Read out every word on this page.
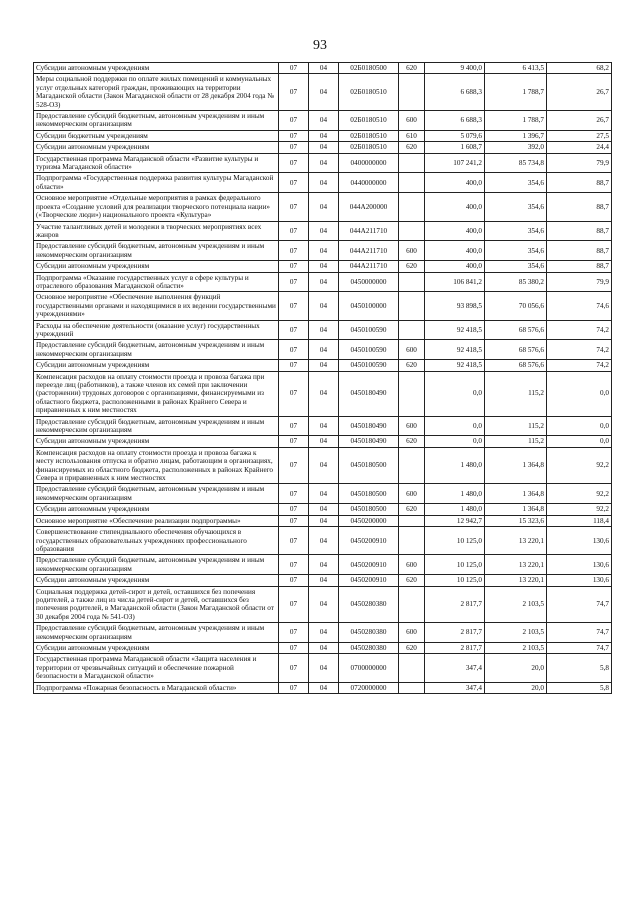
93
Субсидии автономным учреждениям	07	04	02Б0180500	620	9 400,0	6 413,5	68,2
Меры социальной поддержки по оплате жилых помещений и коммунальных услуг отдельных категорий граждан, проживающих на территории Магаданской области (Закон Магаданской области от 28 декабря 2004 года № 528-ОЗ)	07	04	02Б0180510		6 688,3	1 788,7	26,7
Предоставление субсидий бюджетным, автономным учреждениям и иным некоммерческим организациям	07	04	02Б0180510	600	6 688,3	1 788,7	26,7
Субсидии бюджетным учреждениям	07	04	02Б0180510	610	5 079,6	1 396,7	27,5
Субсидии автономным учреждениям	07	04	02Б0180510	620	1 608,7	392,0	24,4
Государственная программа Магаданской области «Развитие культуры и туризма Магаданской области»	07	04	0400000000		107 241,2	85 734,8	79,9
Подпрограмма «Государственная поддержка развития культуры Магаданской области»	07	04	0440000000		400,0	354,6	88,7
Основное мероприятие «Отдельные мероприятия в рамках федерального проекта «Создание условий для реализации творческого потенциала нации» («Творческие люди») национального проекта «Культура»	07	04	044A200000		400,0	354,6	88,7
Участие талантливых детей и молодежи в творческих мероприятиях всех жанров	07	04	044A211710		400,0	354,6	88,7
Предоставление субсидий бюджетным, автономным учреждениям и иным некоммерческим организациям	07	04	044A211710	600	400,0	354,6	88,7
Субсидии автономным учреждениям	07	04	044A211710	620	400,0	354,6	88,7
Подпрограмма «Оказание государственных услуг в сфере культуры и отраслевого образования Магаданской области»	07	04	0450000000		106 841,2	85 380,2	79,9
Основное мероприятие «Обеспечение выполнения функций государственными органами и находящимися в их ведении государственными учреждениями»	07	04	0450100000		93 898,5	70 056,6	74,6
Расходы на обеспечение деятельности (оказание услуг) государственных учреждений	07	04	0450100590		92 418,5	68 576,6	74,2
Предоставление субсидий бюджетным, автономным учреждениям и иным некоммерческим организациям	07	04	0450100590	600	92 418,5	68 576,6	74,2
Субсидии автономным учреждениям	07	04	0450100590	620	92 418,5	68 576,6	74,2
Компенсация расходов на оплату стоимости проезда и провоза багажа при переезде лиц (работников), а также членов их семей при заключении (расторжении) трудовых договоров с организациями, финансируемыми из областного бюджета, расположенными в районах Крайнего Севера и приравненных к ним местностях	07	04	0450180490		0,0	115,2	0,0
Предоставление субсидий бюджетным, автономным учреждениям и иным некоммерческим организациям	07	04	0450180490	600	0,0	115,2	0,0
Субсидии автономным учреждениям	07	04	0450180490	620	0,0	115,2	0,0
Компенсация расходов на оплату стоимости проезда и провоза багажа к месту использования отпуска и обратно лицам, работающим в организациях, финансируемых из областного бюджета, расположенных в районах Крайнего Севера и приравненных к ним местностях	07	04	0450180500		1 480,0	1 364,8	92,2
Предоставление субсидий бюджетным, автономным учреждениям и иным некоммерческим организациям	07	04	0450180500	600	1 480,0	1 364,8	92,2
Субсидии автономным учреждениям	07	04	0450180500	620	1 480,0	1 364,8	92,2
Основное мероприятие «Обеспечение реализации подпрограммы»	07	04	0450200000		12 942,7	15 323,6	118,4
Совершенствование стипендиального обеспечения обучающихся в государственных образовательных учреждениях профессионального образования	07	04	0450200910		10 125,0	13 220,1	130,6
Предоставление субсидий бюджетным, автономным учреждениям и иным некоммерческим организациям	07	04	0450200910	600	10 125,0	13 220,1	130,6
Субсидии автономным учреждениям	07	04	0450200910	620	10 125,0	13 220,1	130,6
Социальная поддержка детей-сирот и детей, оставшихся без попечения родителей, а также лиц из числа детей-сирот и детей, оставшихся без попечения родителей, в Магаданской области (Закон Магаданской области от 30 декабря 2004 года № 541-ОЗ)	07	04	0450280380		2 817,7	2 103,5	74,7
Предоставление субсидий бюджетным, автономным учреждениям и иным некоммерческим организациям	07	04	0450280380	600	2 817,7	2 103,5	74,7
Субсидии автономным учреждениям	07	04	0450280380	620	2 817,7	2 103,5	74,7
Государственная программа Магаданской области «Защита населения и территории от чрезвычайных ситуаций и обеспечение пожарной безопасности в Магаданской области»	07	04	0700000000		347,4	20,0	5,8
Подпрограмма «Пожарная безопасность в Магаданской области»	07	04	0720000000		347,4	20,0	5,8
